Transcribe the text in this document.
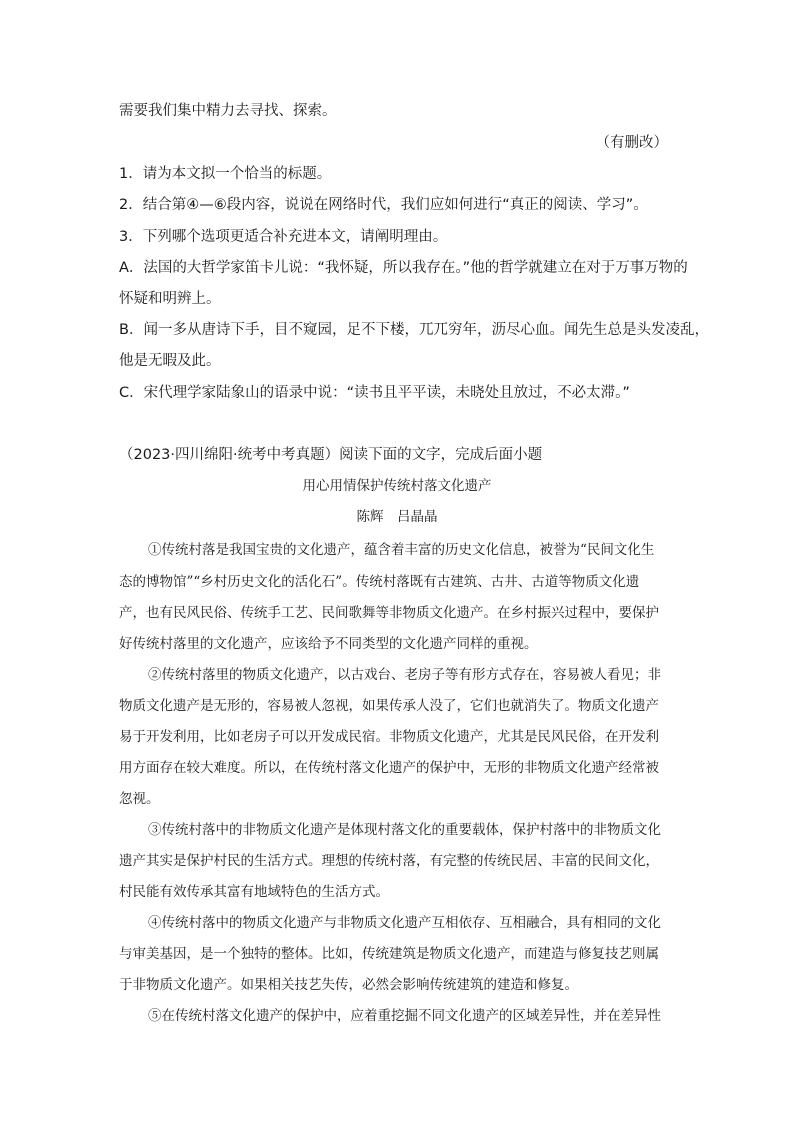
需要我们集中精力去寻找、探索。
（有删改）
1．请为本文拟一个恰当的标题。
2．结合第④—⑥段内容，说说在网络时代，我们应如何进行“真正的阅读、学习”。
3．下列哪个选项更适合补充进本文，请阐明理由。
A．法国的大哲学家笛卡儿说：“我怀疑，所以我存在。”他的哲学就建立在对于万事万物的
怀疑和明辨上。
B．闻一多从唐诗下手，目不窥园，足不下楼，兀兀穷年，沥尽心血。闻先生总是头发凌乱，
他是无暇及此。
C．宋代理学家陆象山的语录中说：“读书且平平读，未晓处且放过，不必太滞。”
（2023·四川绵阳·统考中考真题）阅读下面的文字，完成后面小题
用心用情保护传统村落文化遗产
陈辉　吕晶晶
①传统村落是我国宝贵的文化遗产，蕴含着丰富的历史文化信息，被誉为“民间文化生
态的博物馆”“乡村历史文化的活化石”。传统村落既有古建筑、古井、古道等物质文化遗
产，也有民风民俗、传统手工艺、民间歌舞等非物质文化遗产。在乡村振兴过程中，要保护
好传统村落里的文化遗产，应该给予不同类型的文化遗产同样的重视。
②传统村落里的物质文化遗产，以古戏台、老房子等有形方式存在，容易被人看见；非
物质文化遗产是无形的，容易被人忽视，如果传承人没了，它们也就消失了。物质文化遗产
易于开发利用，比如老房子可以开发成民宿。非物质文化遗产，尤其是民风民俗，在开发利
用方面存在较大难度。所以，在传统村落文化遗产的保护中，无形的非物质文化遗产经常被
忽视。
③传统村落中的非物质文化遗产是体现村落文化的重要载体，保护村落中的非物质文化
遗产其实是保护村民的生活方式。理想的传统村落，有完整的传统民居、丰富的民间文化，
村民能有效传承其富有地域特色的生活方式。
④传统村落中的物质文化遗产与非物质文化遗产互相依存、互相融合，具有相同的文化
与审美基因，是一个独特的整体。比如，传统建筑是物质文化遗产，而建造与修复技艺则属
于非物质文化遗产。如果相关技艺失传，必然会影响传统建筑的建造和修复。
⑤在传统村落文化遗产的保护中，应着重挖掘不同文化遗产的区域差异性，并在差异性
